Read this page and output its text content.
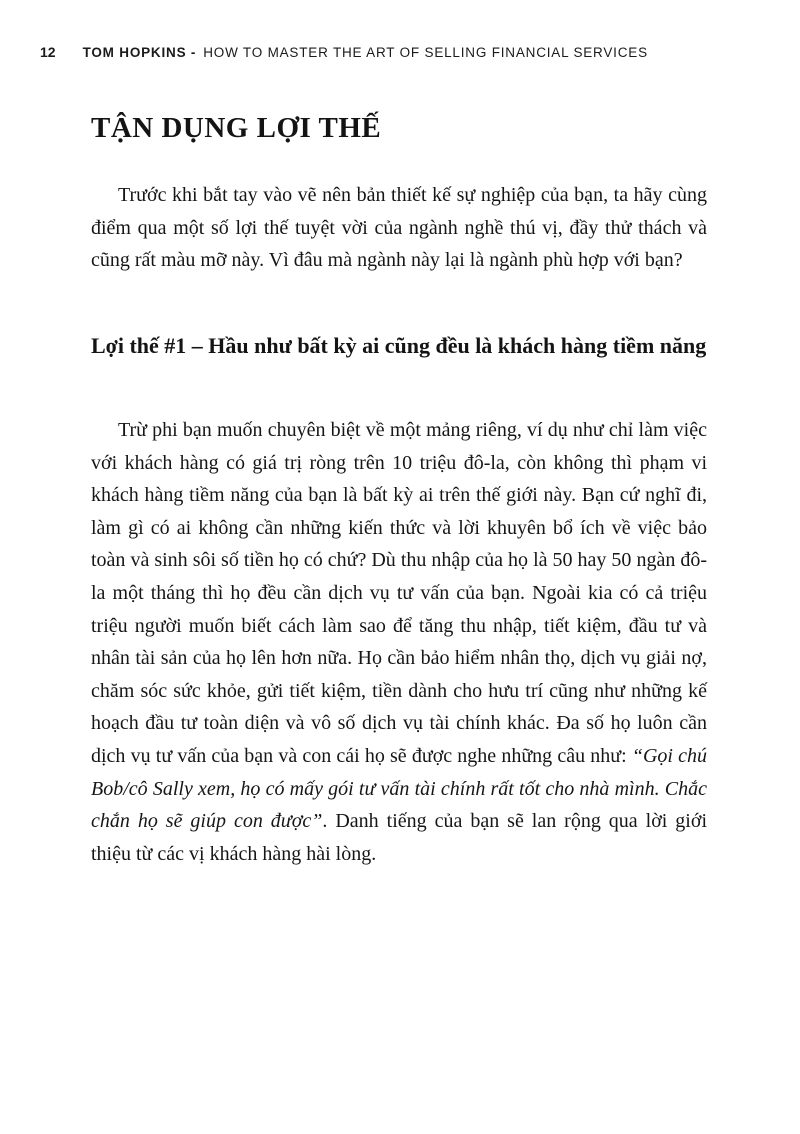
12 TOM HOPKINS - HOW TO MASTER THE ART OF SELLING FINANCIAL SERVICES
TẬN DỤNG LỢI THẾ

Trước khi bắt tay vào vẽ nên bản thiết kế sự nghiệp của bạn, ta hãy cùng điểm qua một số lợi thế tuyệt vời của ngành nghề thú vị, đầy thử thách và cũng rất màu mỡ này. Vì đâu mà ngành này lại là ngành phù hợp với bạn?

Lợi thế #1 – Hầu như bất kỳ ai cũng đều là khách hàng tiềm năng

Trừ phi bạn muốn chuyên biệt về một mảng riêng, ví dụ như chỉ làm việc với khách hàng có giá trị ròng trên 10 triệu đô-la, còn không thì phạm vi khách hàng tiềm năng của bạn là bất kỳ ai trên thế giới này. Bạn cứ nghĩ đi, làm gì có ai không cần những kiến thức và lời khuyên bổ ích về việc bảo toàn và sinh sôi số tiền họ có chứ? Dù thu nhập của họ là 50 hay 50 ngàn đô-la một tháng thì họ đều cần dịch vụ tư vấn của bạn. Ngoài kia có cả triệu triệu người muốn biết cách làm sao để tăng thu nhập, tiết kiệm, đầu tư và nhân tài sản của họ lên hơn nữa. Họ cần bảo hiểm nhân thọ, dịch vụ giải nợ, chăm sóc sức khỏe, gửi tiết kiệm, tiền dành cho hưu trí cũng như những kế hoạch đầu tư toàn diện và vô số dịch vụ tài chính khác. Đa số họ luôn cần dịch vụ tư vấn của bạn và con cái họ sẽ được nghe những câu như: “Gọi chú Bob/cô Sally xem, họ có mấy gói tư vấn tài chính rất tốt cho nhà mình. Chắc chắn họ sẽ giúp con được”. Danh tiếng của bạn sẽ lan rộng qua lời giới thiệu từ các vị khách hàng hài lòng.
